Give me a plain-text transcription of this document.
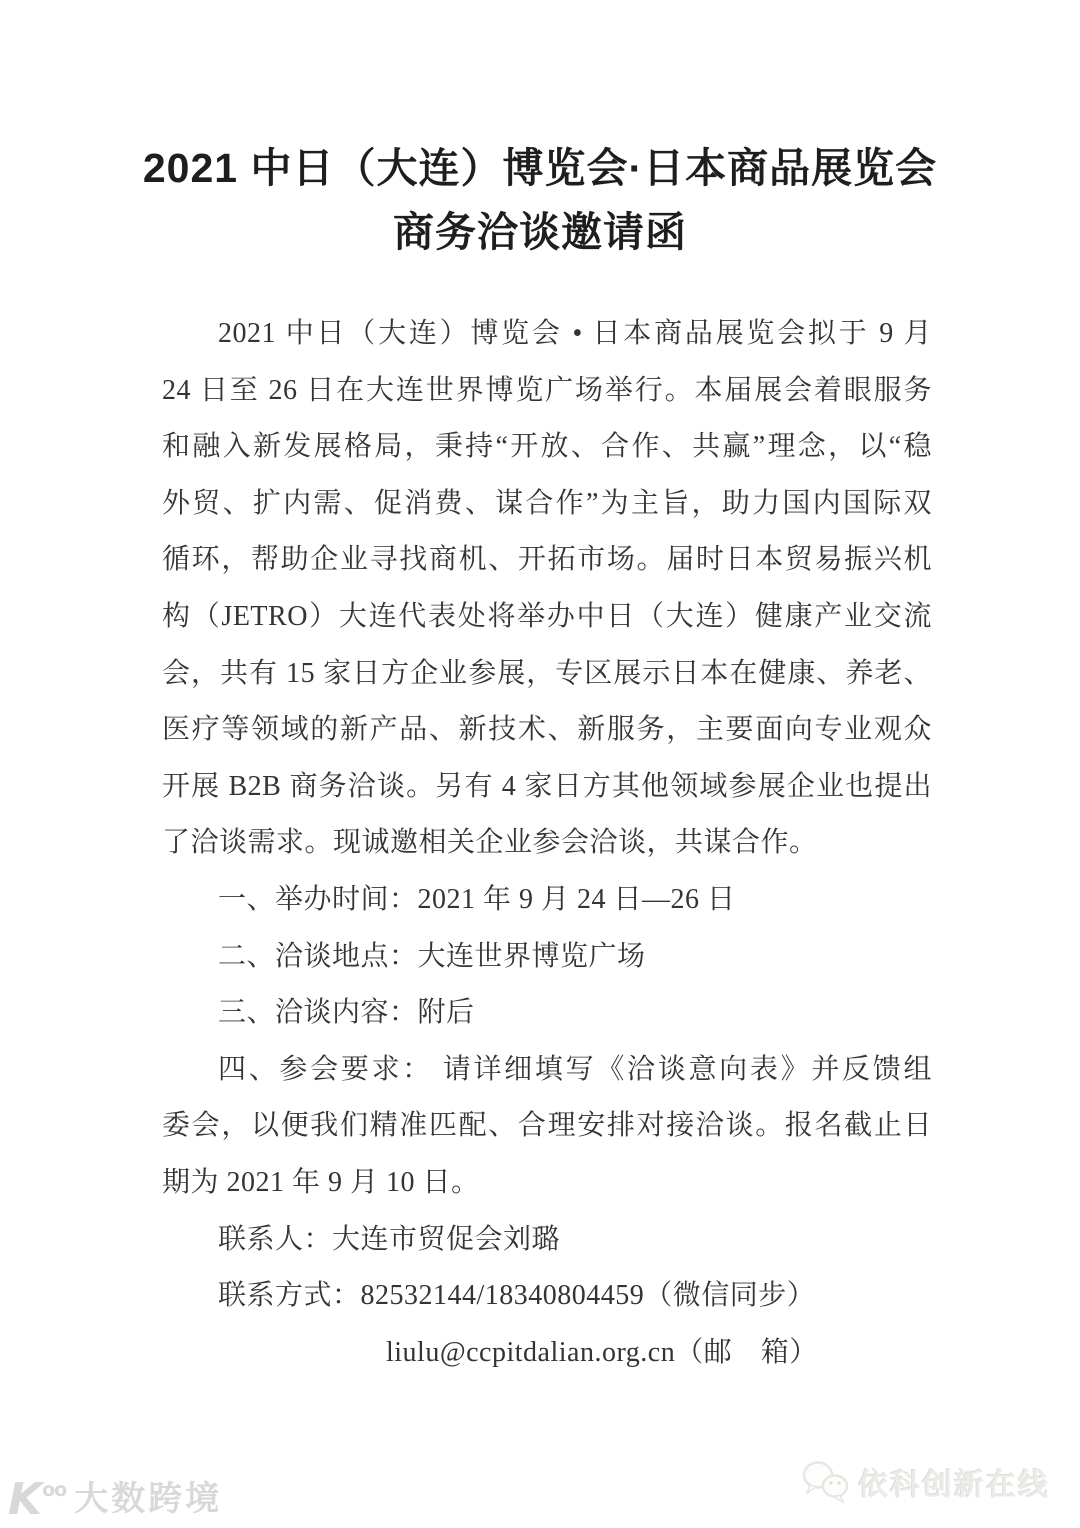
2021 中日（大连）博览会·日本商品展览会
商务洽谈邀请函
2021 中日（大连）博览会 • 日本商品展览会拟于 9 月
24 日至 26 日在大连世界博览广场举行。本届展会着眼服务
和融入新发展格局，秉持“开放、合作、共赢”理念，以“稳
外贸、扩内需、促消费、谋合作”为主旨，助力国内国际双
循环，帮助企业寻找商机、开拓市场。届时日本贸易振兴机
构（JETRO）大连代表处将举办中日（大连）健康产业交流
会，共有 15 家日方企业参展，专区展示日本在健康、养老、
医疗等领域的新产品、新技术、新服务，主要面向专业观众
开展 B2B 商务洽谈。另有 4 家日方其他领域参展企业也提出
了洽谈需求。现诚邀相关企业参会洽谈，共谋合作。
一、举办时间：2021 年 9 月 24 日—26 日
二、洽谈地点：大连世界博览广场
三、洽谈内容：附后
四、参会要求： 请详细填写《洽谈意向表》并反馈组
委会，以便我们精准匹配、合理安排对接洽谈。报名截止日
期为 2021 年 9 月 10 日。
联系人：大连市贸促会刘璐
联系方式：82532144/18340804459（微信同步）
liulu@ccpitdalian.org.cn（邮　箱）
$K^{oo}$ 大数跨境	依科创新在线
